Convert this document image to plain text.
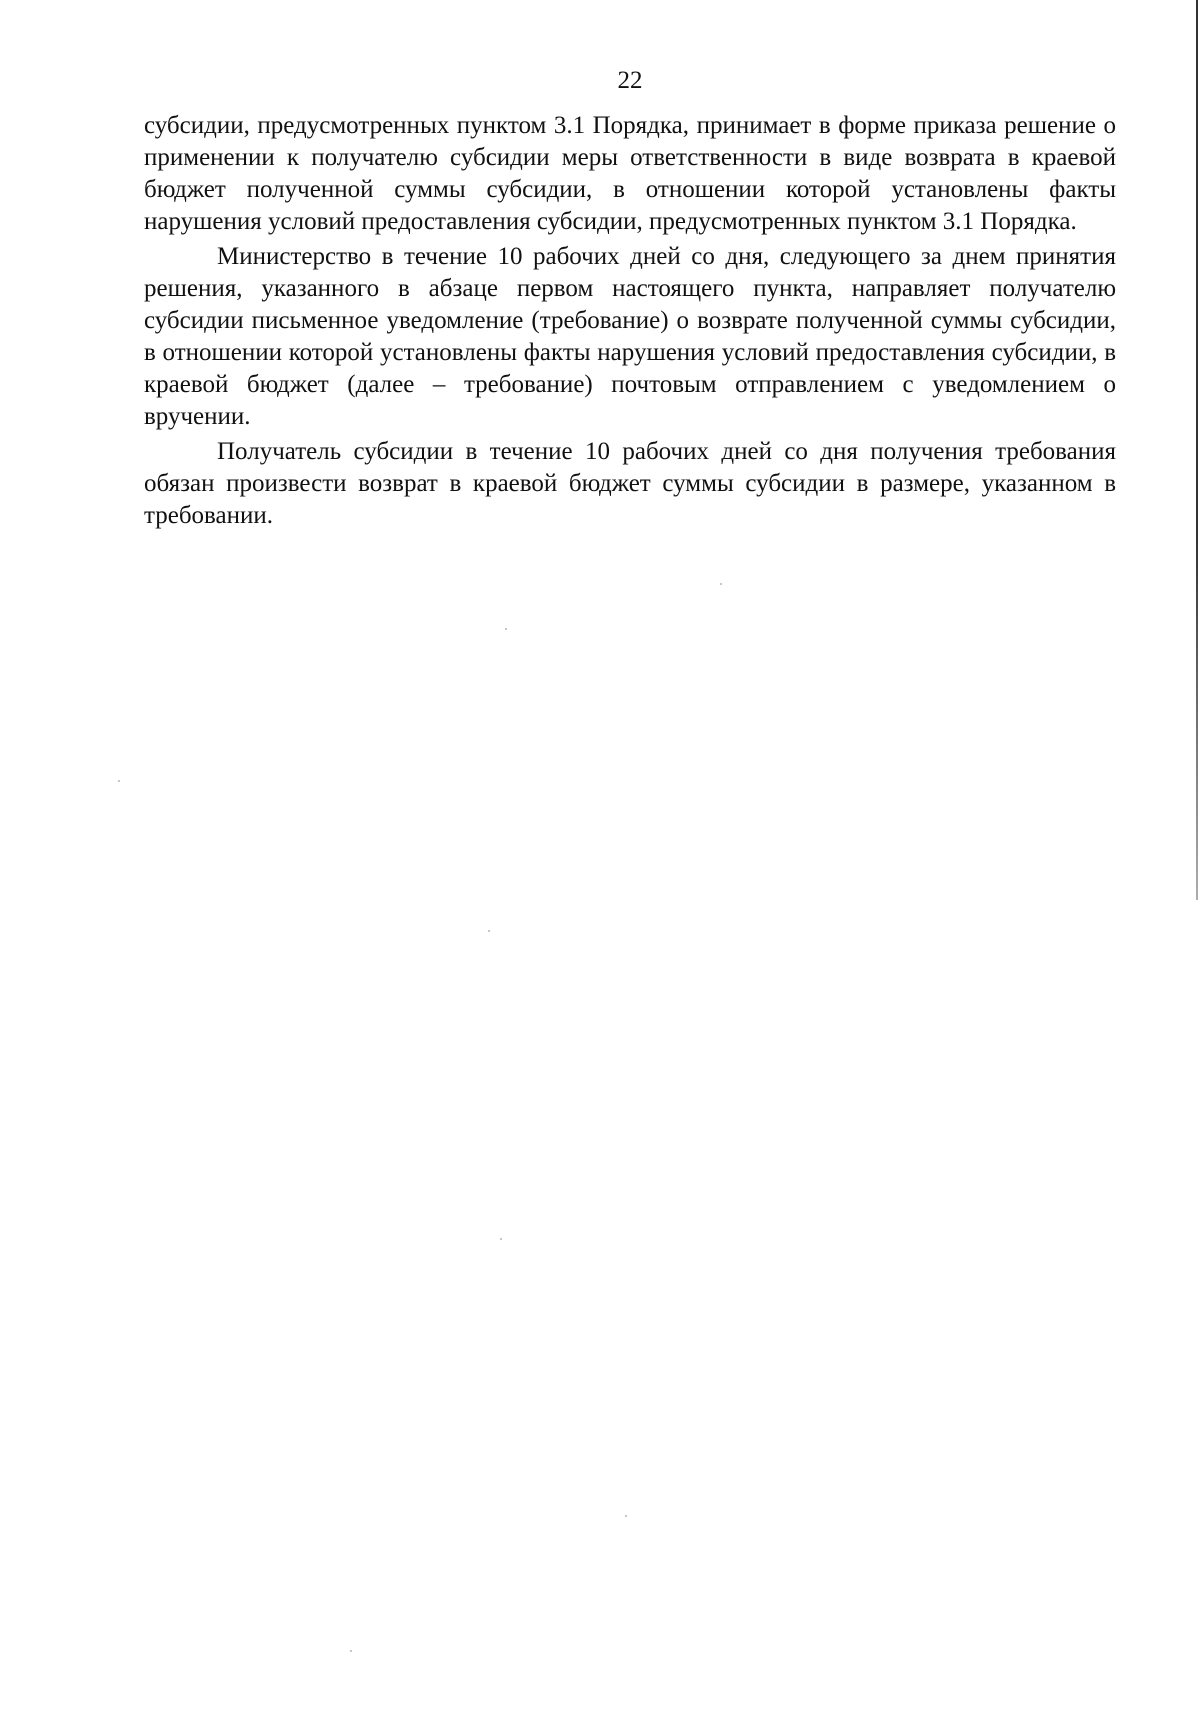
22

субсидии, предусмотренных пунктом 3.1 Порядка, принимает в форме приказа решение о применении к получателю субсидии меры ответственности в виде возврата в краевой бюджет полученной суммы субсидии, в отношении которой установлены факты нарушения условий предоставления субсидии, предусмотренных пунктом 3.1 Порядка.

Министерство в течение 10 рабочих дней со дня, следующего за днем принятия решения, указанного в абзаце первом настоящего пункта, направляет получателю субсидии письменное уведомление (требование) о возврате полученной суммы субсидии, в отношении которой установлены факты нарушения условий предоставления субсидии, в краевой бюджет (далее – требование) почтовым отправлением с уведомлением о вручении.

Получатель субсидии в течение 10 рабочих дней со дня получения требования обязан произвести возврат в краевой бюджет суммы субсидии в размере, указанном в требовании.
